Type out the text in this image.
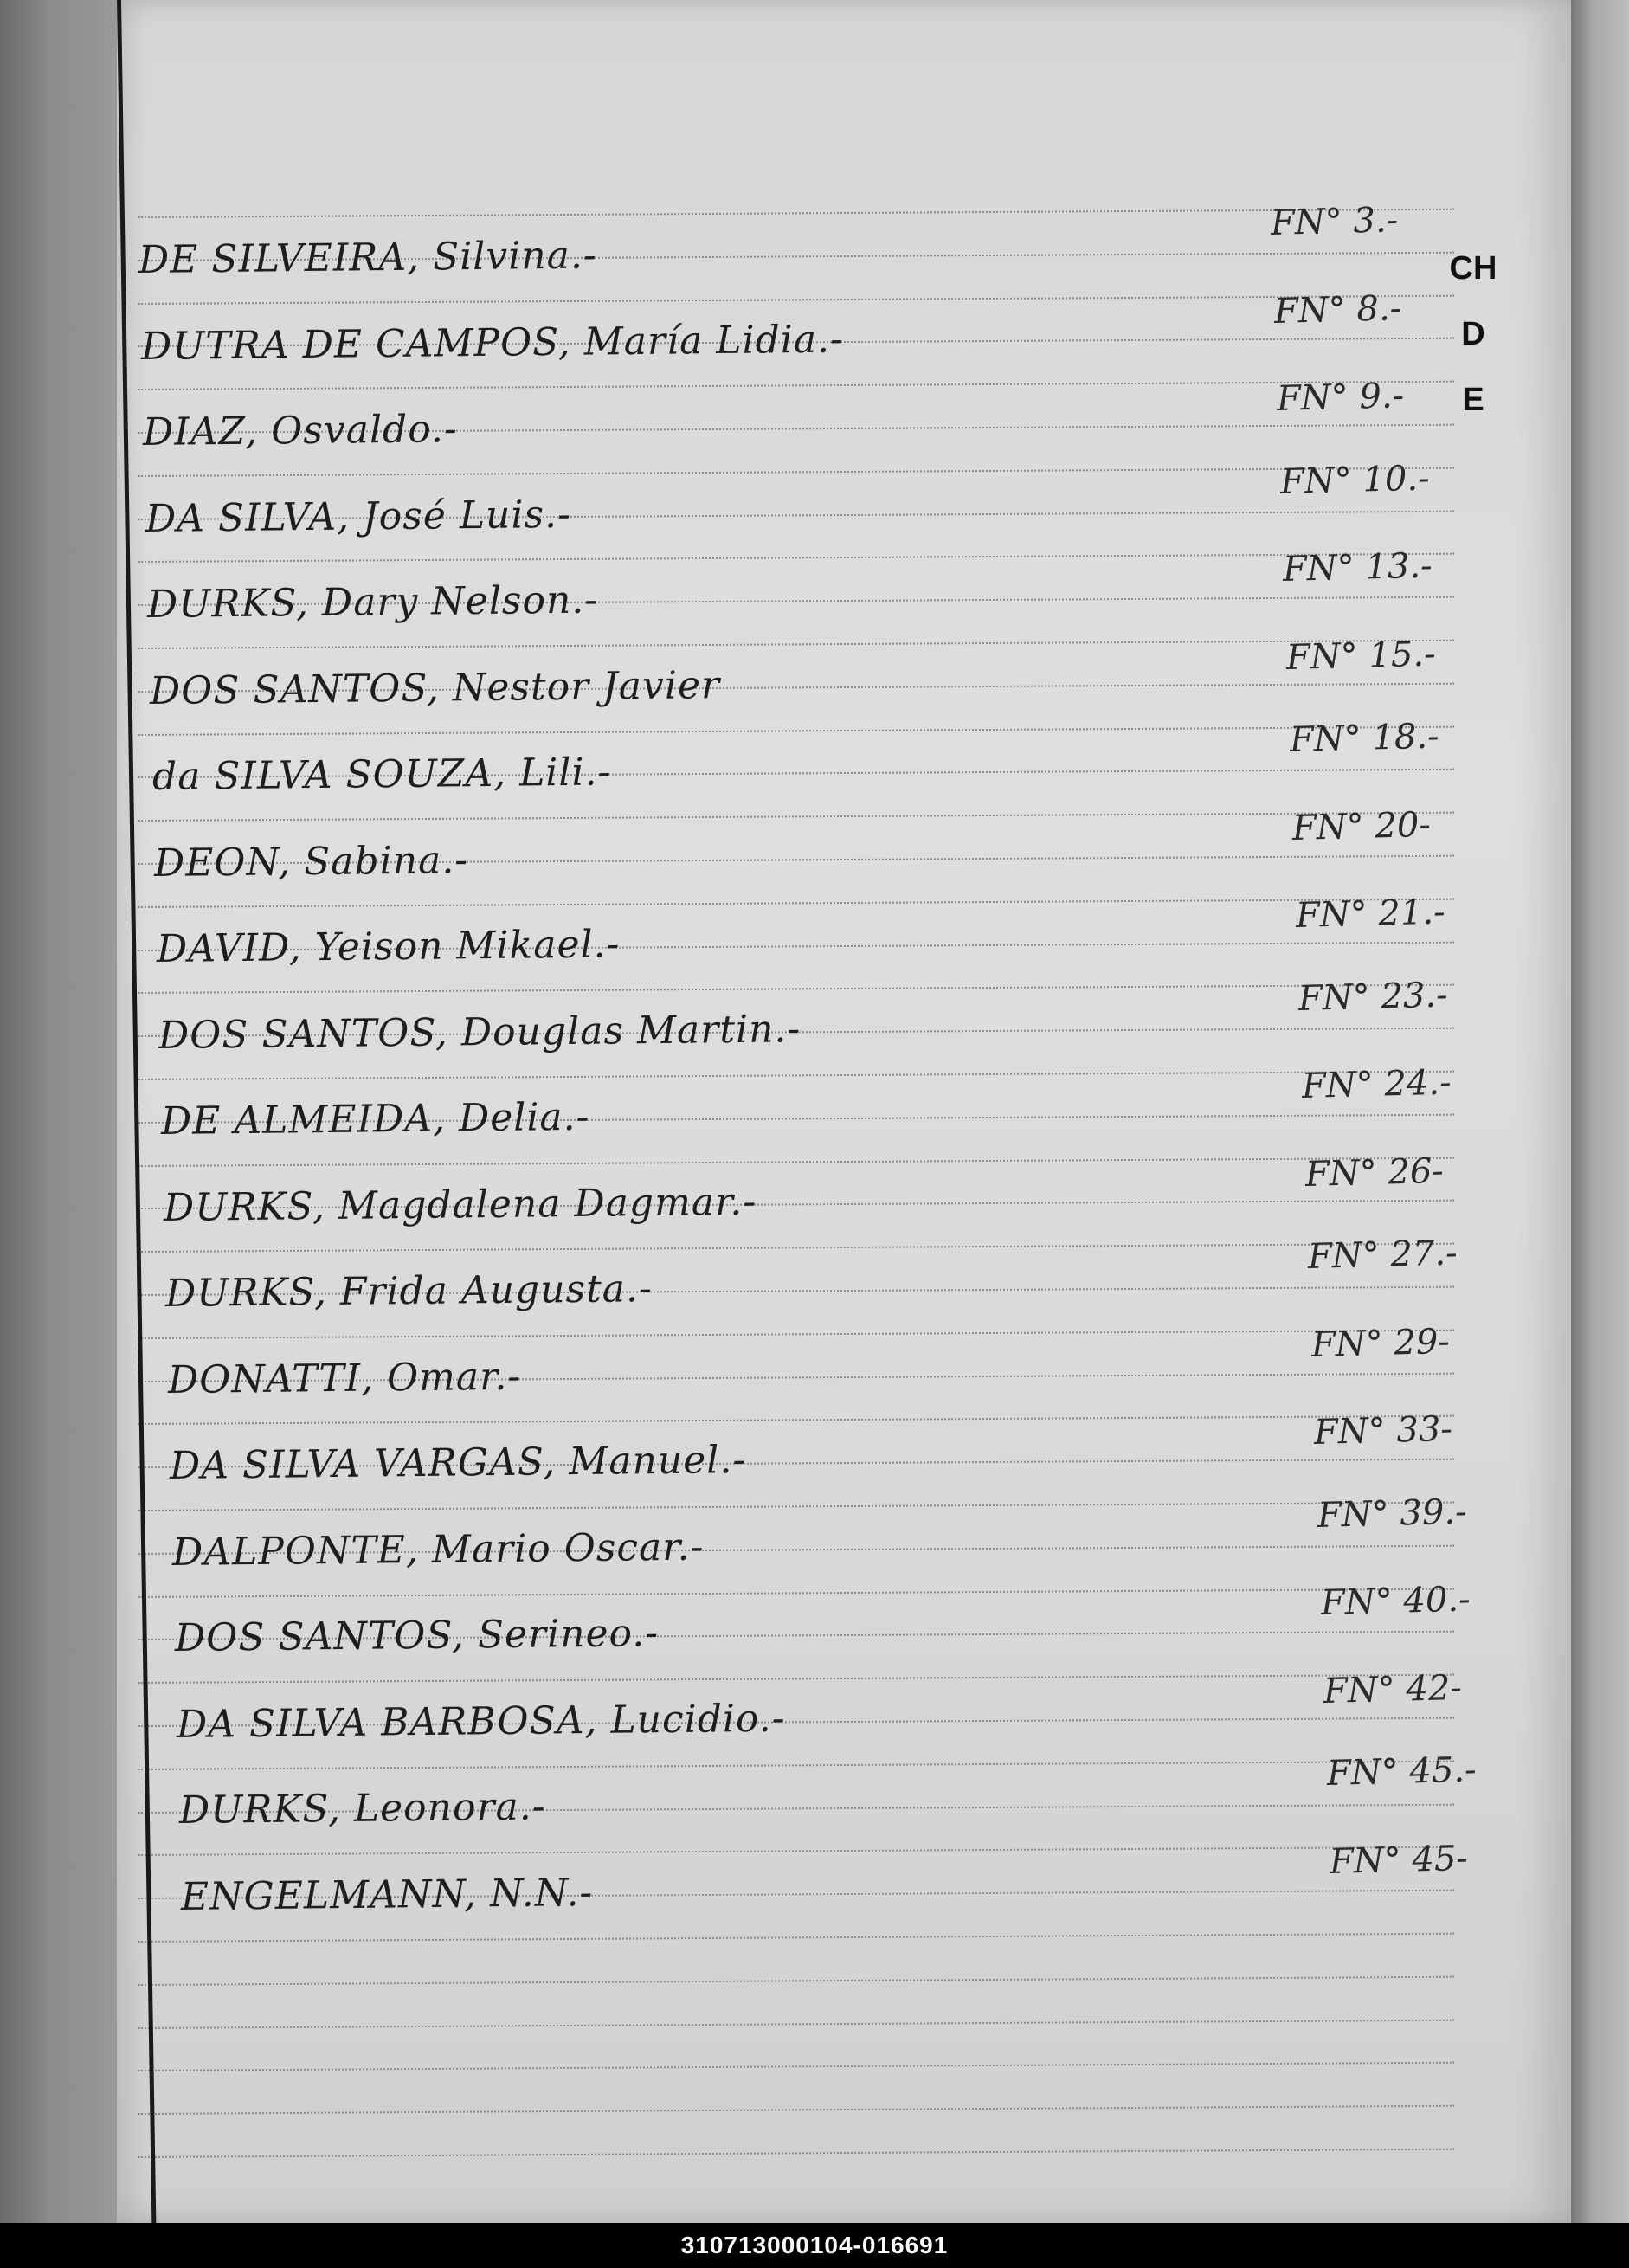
CH
D
E
DE SILVEIRA, Silvina.-
FN° 3.-
DUTRA DE CAMPOS, María Lidia.-
FN° 8.-
DIAZ, Osvaldo.-
FN° 9.-
DA SILVA, José Luis.-
FN° 10.-
DURKS, Dary Nelson.-
FN° 13.-
DOS SANTOS, Nestor Javier
FN° 15.-
da SILVA SOUZA, Lili.-
FN° 18.-
DEON, Sabina.-
FN° 20-
DAVID, Yeison Mikael.-
FN° 21.-
DOS SANTOS, Douglas Martin.-
FN° 23.-
DE ALMEIDA, Delia.-
FN° 24.-
DURKS, Magdalena Dagmar.-
FN° 26-
DURKS, Frida Augusta.-
FN° 27.-
DONATTI, Omar.-
FN° 29-
DA SILVA VARGAS, Manuel.-
FN° 33-
DALPONTE, Mario Oscar.-
FN° 39.-
DOS SANTOS, Serineo.-
FN° 40.-
DA SILVA BARBOSA, Lucidio.-
FN° 42-
DURKS, Leonora.-
FN° 45.-
ENGELMANN, N.N.-
FN° 45-
310713000104-016691
